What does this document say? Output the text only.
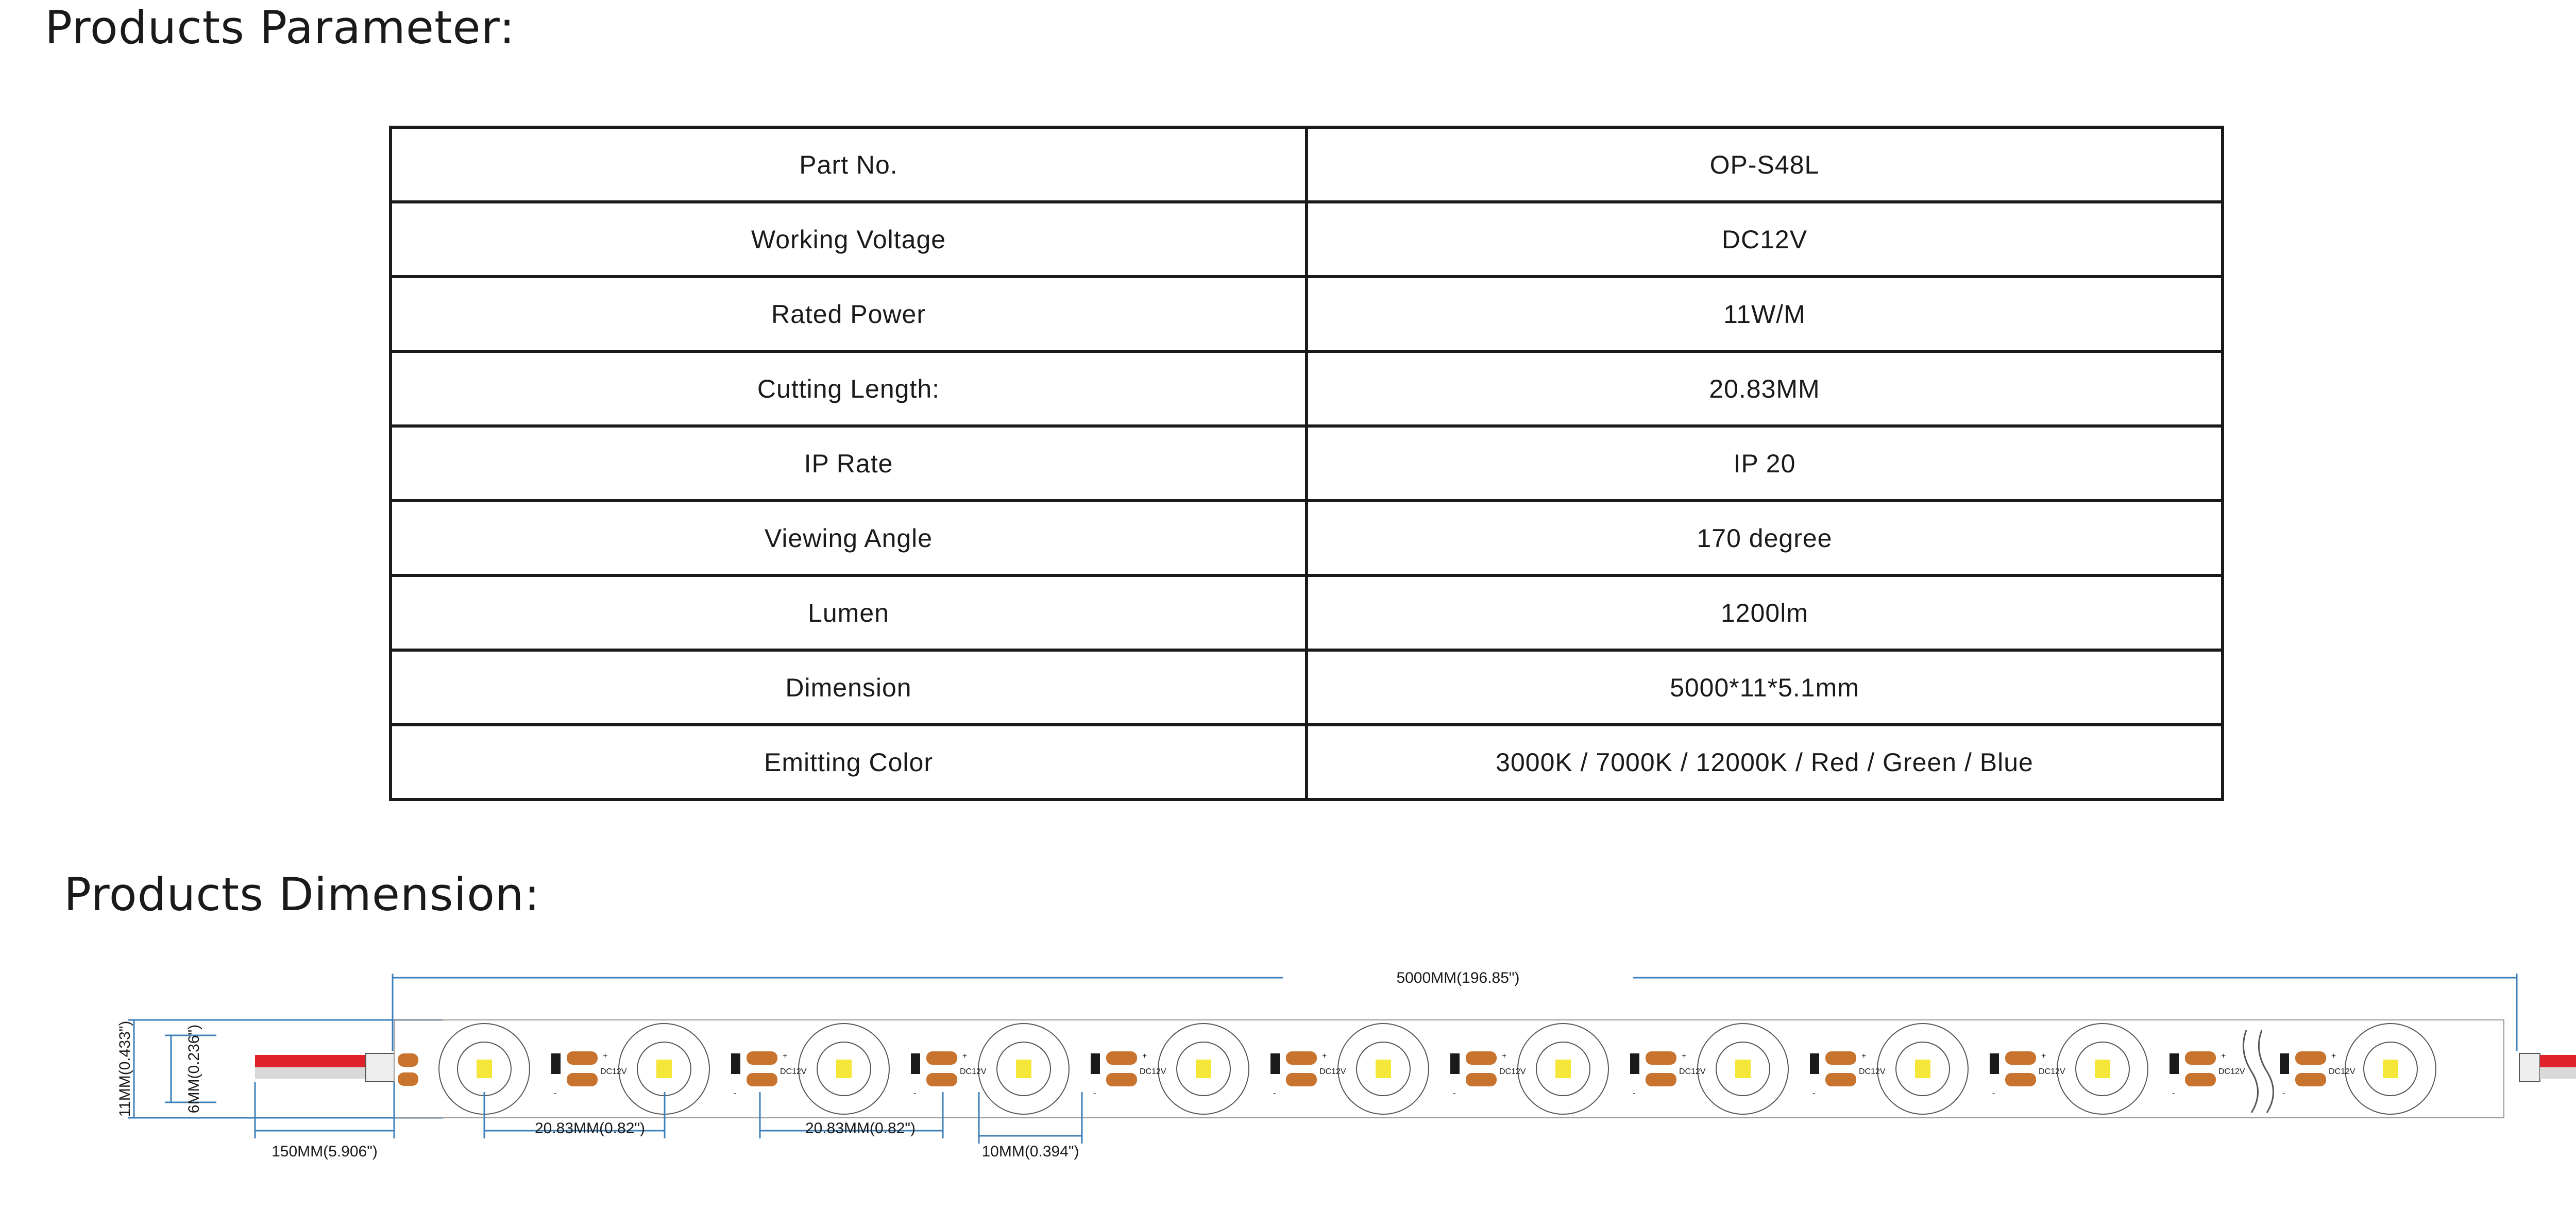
Products Parameter:
Part No.	OP-S48L
Working Voltage	DC12V
Rated Power	11W/M
Cutting Length:	20.83MM
IP Rate	IP 20
Viewing Angle	170 degree
Lumen	1200lm
Dimension	5000*11*5.1mm
Emitting Color	3000K / 7000K / 12000K / Red / Green / Blue
Products Dimension:
5000MM(196.85")
11MM(0.433")	6MM(0.236")	DC12V
+
-
DC12V
+
-
DC12V
+
-
DC12V
+
-
DC12V
+
-
DC12V
+
-
DC12V
+
-
DC12V
+
-
DC12V
+
-
DC12V
+
-
DC12V
+
-
150MM(5.906")
20.83MM(0.82")	20.83MM(0.82")
10MM(0.394")
